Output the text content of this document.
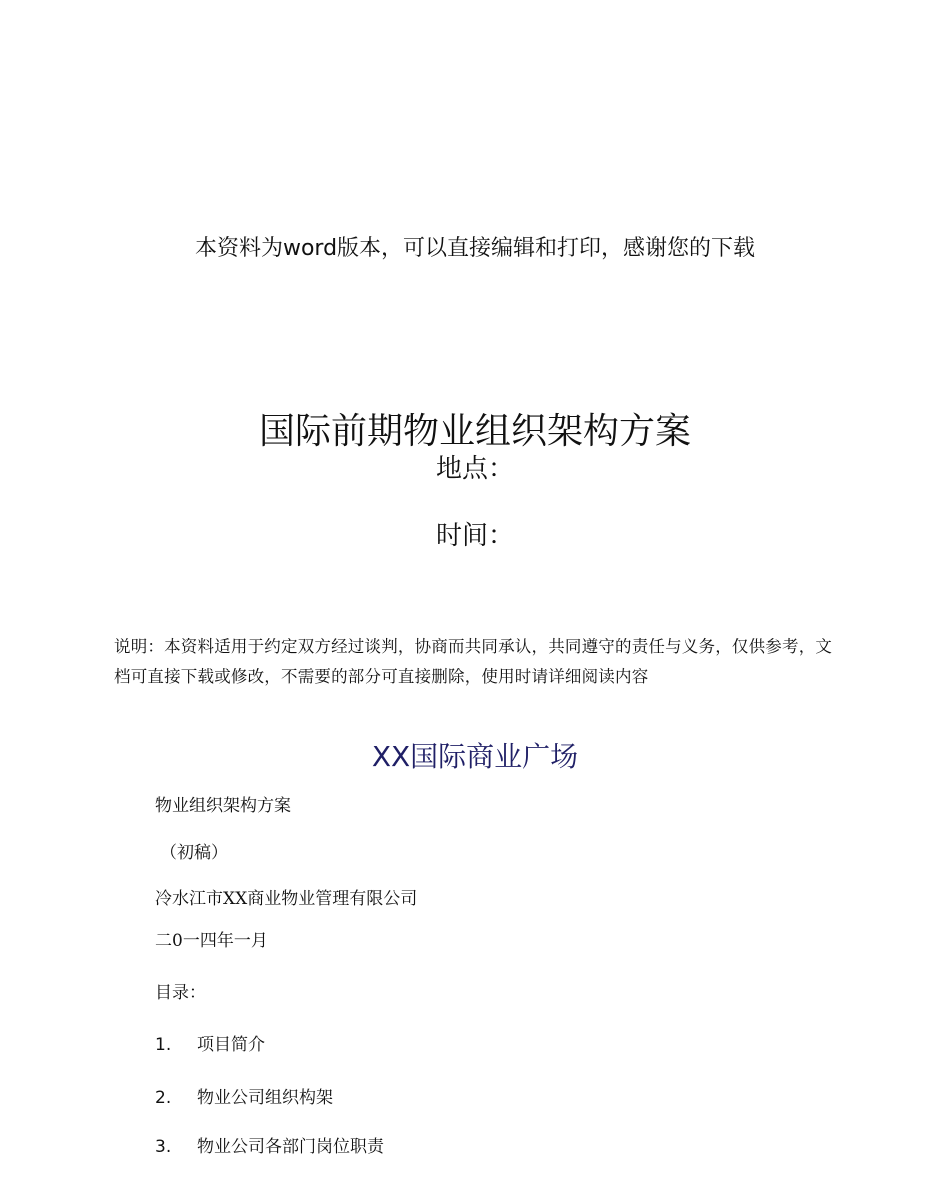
本资料为word版本，可以直接编辑和打印，感谢您的下载
国际前期物业组织架构方案
地点：
时间：
说明：本资料适用于约定双方经过谈判，协商而共同承认，共同遵守的责任与义务，仅供参考，文档可直接下载或修改，不需要的部分可直接删除，使用时请详细阅读内容
XX国际商业广场
物业组织架构方案
（初稿）
冷水江市XX商业物业管理有限公司
二0一四年一月
目录：
1. 项目简介
2. 物业公司组织构架
3. 物业公司各部门岗位职责
